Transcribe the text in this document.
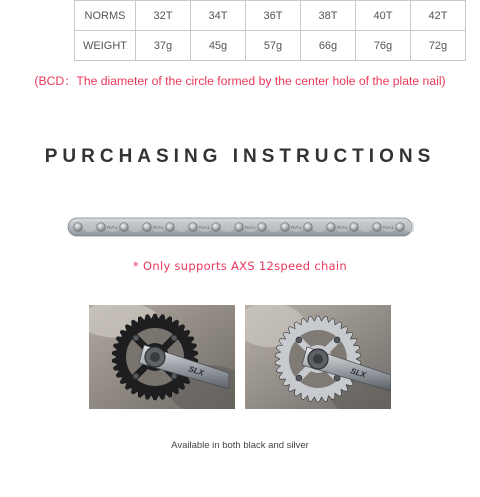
NORMS	32T	34T	36T	38T	40T	42T
WEIGHT	37g	45g	57g	66g	76g	72g
(BCD：The diameter of the circle formed by the center hole of the plate nail)
PURCHASING INSTRUCTIONS
RVAL	RVAL	RVAL	RVAL	RVAL	RVAL	RVAL
* Only supports AXS 12speed chain
SLX	SLX
Available in both black and silver
